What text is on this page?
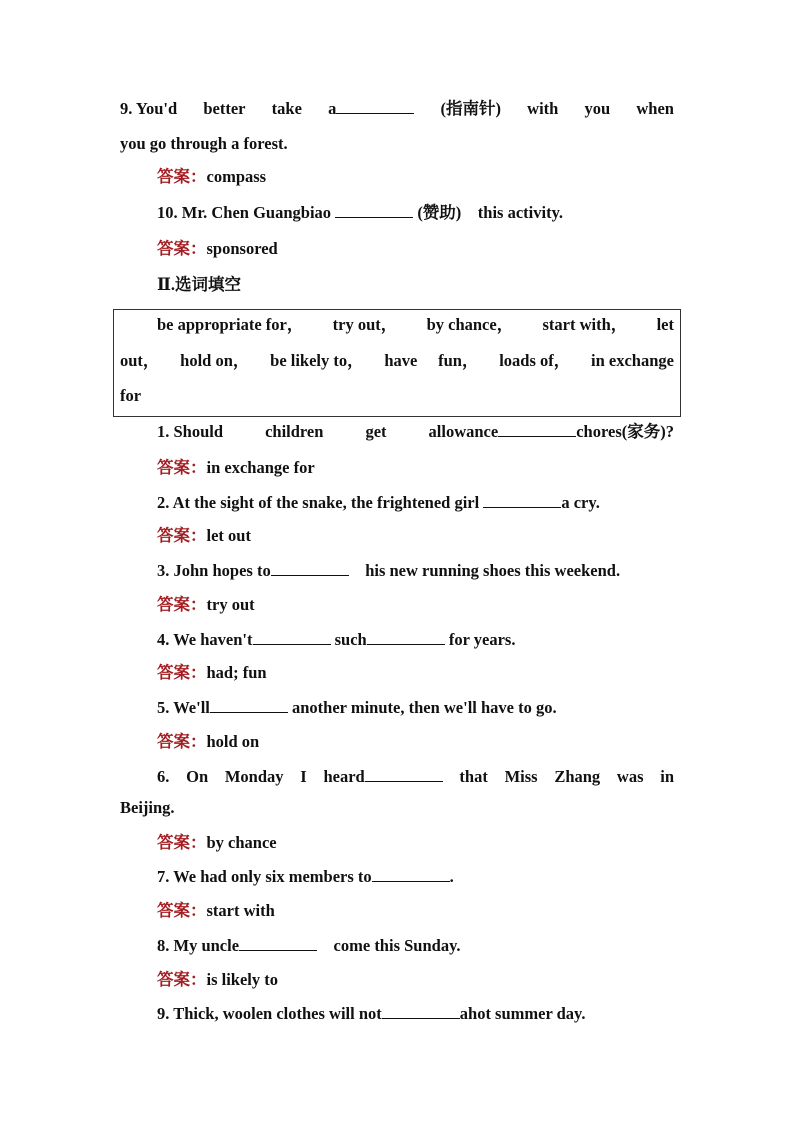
9. You'd better take a	(指南针) with you when
you go through a forest.
答案：compass
10. Mr. Chen Guangbiao	(赞助)    this activity.
答案：sponsored
Ⅱ.选词填空
be appropriate for， try out， by chance， start with， let
out， hold on， be likely to， have fun， loads of， in exchange
for
1. Should	children	get	allowance	chores(家务)?
答案：in exchange for
2. At the sight of the snake, the frightened girl	a cry.
答案：let out
3. John hopes to	his new running shoes this weekend.
答案：try out
4. We haven't	such	for years.
答案：had; fun
5. We'll	another minute, then we'll have to go.
答案：hold on
6. On Monday I heard	that Miss Zhang was in
Beijing.
答案：by chance
7. We had only six members to	.
答案：start with
8. My uncle	come this Sunday.
答案：is likely to
9. Thick, woolen clothes will not	ahot summer day.
